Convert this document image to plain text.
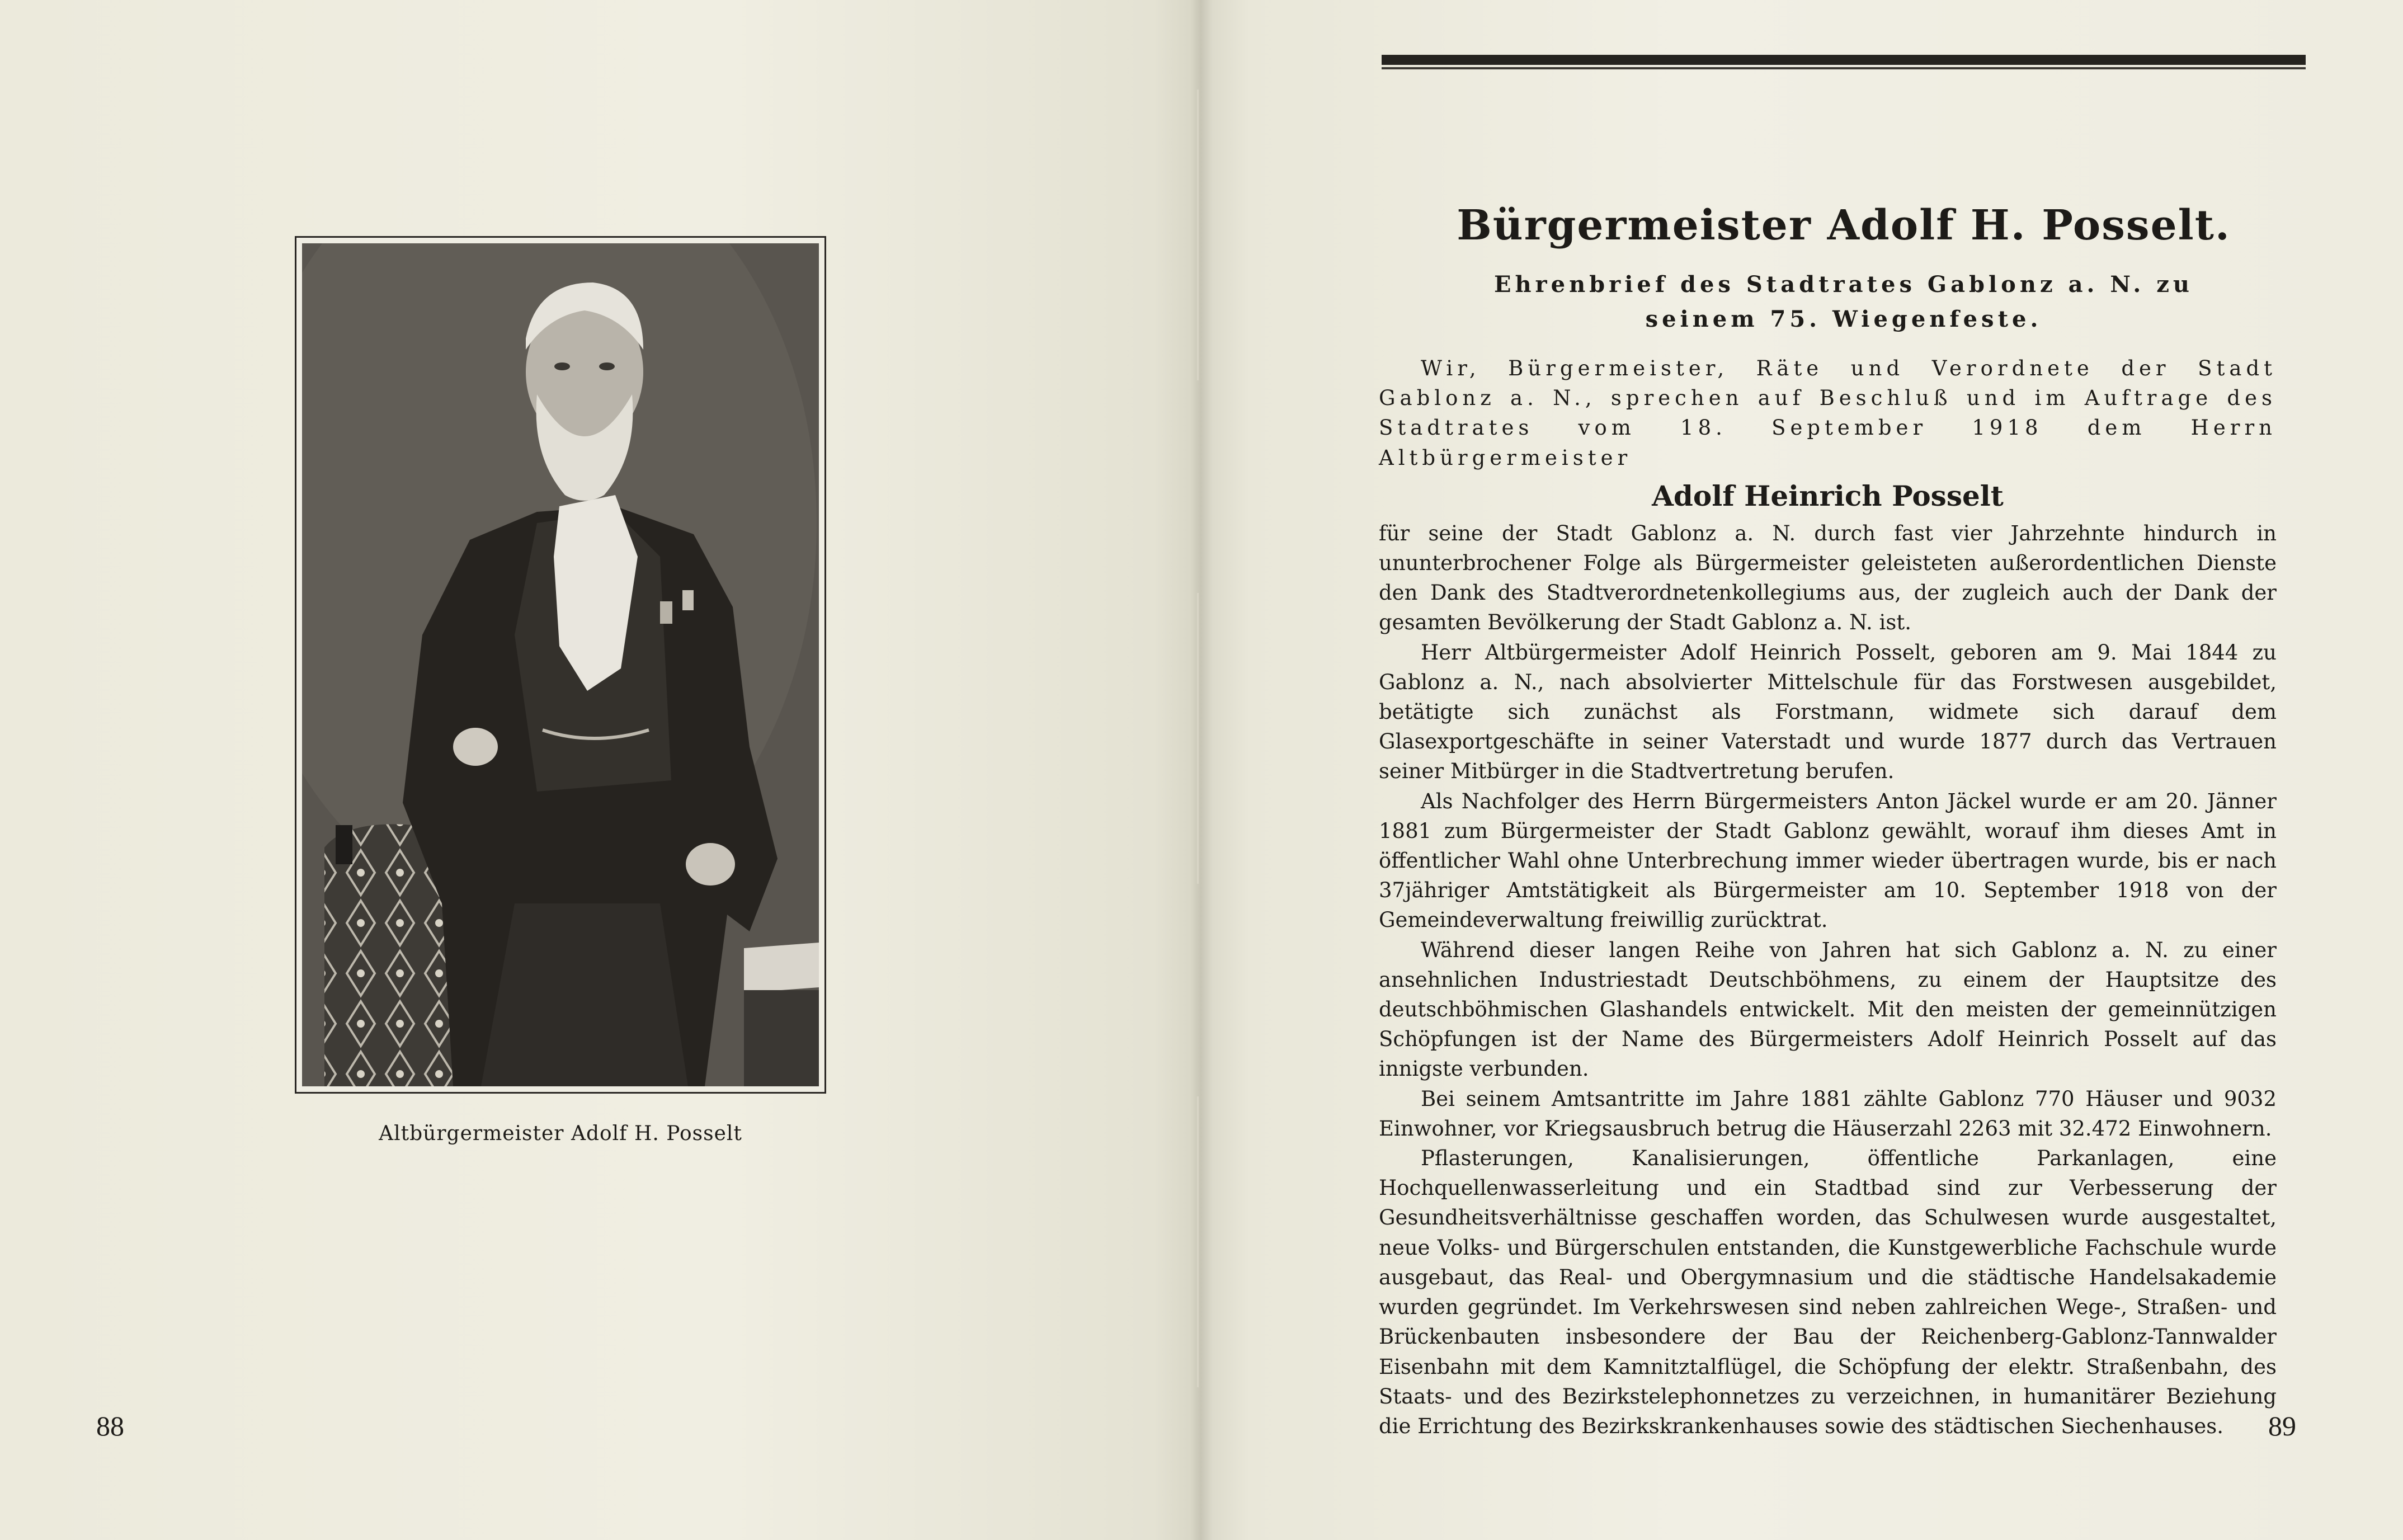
Altbürgermeister Adolf H. Posselt
88
Bürgermeister Adolf H. Posselt.
Ehrenbrief des Stadtrates Gablonz a. N. zu seinem 75. Wiegenfeste.

Wir, Bürgermeister, Räte und Verordnete der Stadt Gablonz a. N., sprechen auf Beschluß und im Auftrage des Stadtrates vom 18. September 1918 dem Herrn Altbürgermeister

Adolf Heinrich Posselt

für seine der Stadt Gablonz a. N. durch fast vier Jahrzehnte hindurch in ununterbrochener Folge als Bürgermeister geleisteten außerordentlichen Dienste den Dank des Stadtverordnetenkollegiums aus, der zugleich auch der Dank der gesamten Bevölkerung der Stadt Gablonz a. N. ist.

Herr Altbürgermeister Adolf Heinrich Posselt, geboren am 9. Mai 1844 zu Gablonz a. N., nach absolvierter Mittelschule für das Forstwesen ausgebildet, betätigte sich zunächst als Forstmann, widmete sich darauf dem Glasexportgeschäfte in seiner Vaterstadt und wurde 1877 durch das Vertrauen seiner Mitbürger in die Stadtvertretung berufen.

Als Nachfolger des Herrn Bürgermeisters Anton Jäckel wurde er am 20. Jänner 1881 zum Bürgermeister der Stadt Gablonz gewählt, worauf ihm dieses Amt in öffentlicher Wahl ohne Unterbrechung immer wieder übertragen wurde, bis er nach 37jähriger Amtstätigkeit als Bürgermeister am 10. September 1918 von der Gemeindeverwaltung freiwillig zurücktrat.

Während dieser langen Reihe von Jahren hat sich Gablonz a. N. zu einer ansehnlichen Industriestadt Deutschböhmens, zu einem der Hauptsitze des deutschböhmischen Glashandels entwickelt. Mit den meisten der gemeinnützigen Schöpfungen ist der Name des Bürgermeisters Adolf Heinrich Posselt auf das innigste verbunden.

Bei seinem Amtsantritte im Jahre 1881 zählte Gablonz 770 Häuser und 9032 Einwohner, vor Kriegsausbruch betrug die Häuserzahl 2263 mit 32.472 Einwohnern.

Pflasterungen, Kanalisierungen, öffentliche Parkanlagen, eine Hochquellenwasserleitung und ein Stadtbad sind zur Verbesserung der Gesundheitsverhältnisse geschaffen worden, das Schulwesen wurde ausgestaltet, neue Volks- und Bürgerschulen entstanden, die Kunstgewerbliche Fachschule wurde ausgebaut, das Real- und Obergymnasium und die städtische Handelsakademie wurden gegründet. Im Verkehrswesen sind neben zahlreichen Wege-, Straßen- und Brückenbauten insbesondere der Bau der Reichenberg-Gablonz-Tannwalder Eisenbahn mit dem Kamnitztalflügel, die Schöpfung der elektr. Straßenbahn, des Staats- und des Bezirkstelephonnetzes zu verzeichnen, in humanitärer Beziehung die Errichtung des Bezirkskrankenhauses sowie des städtischen Siechenhauses.	89
